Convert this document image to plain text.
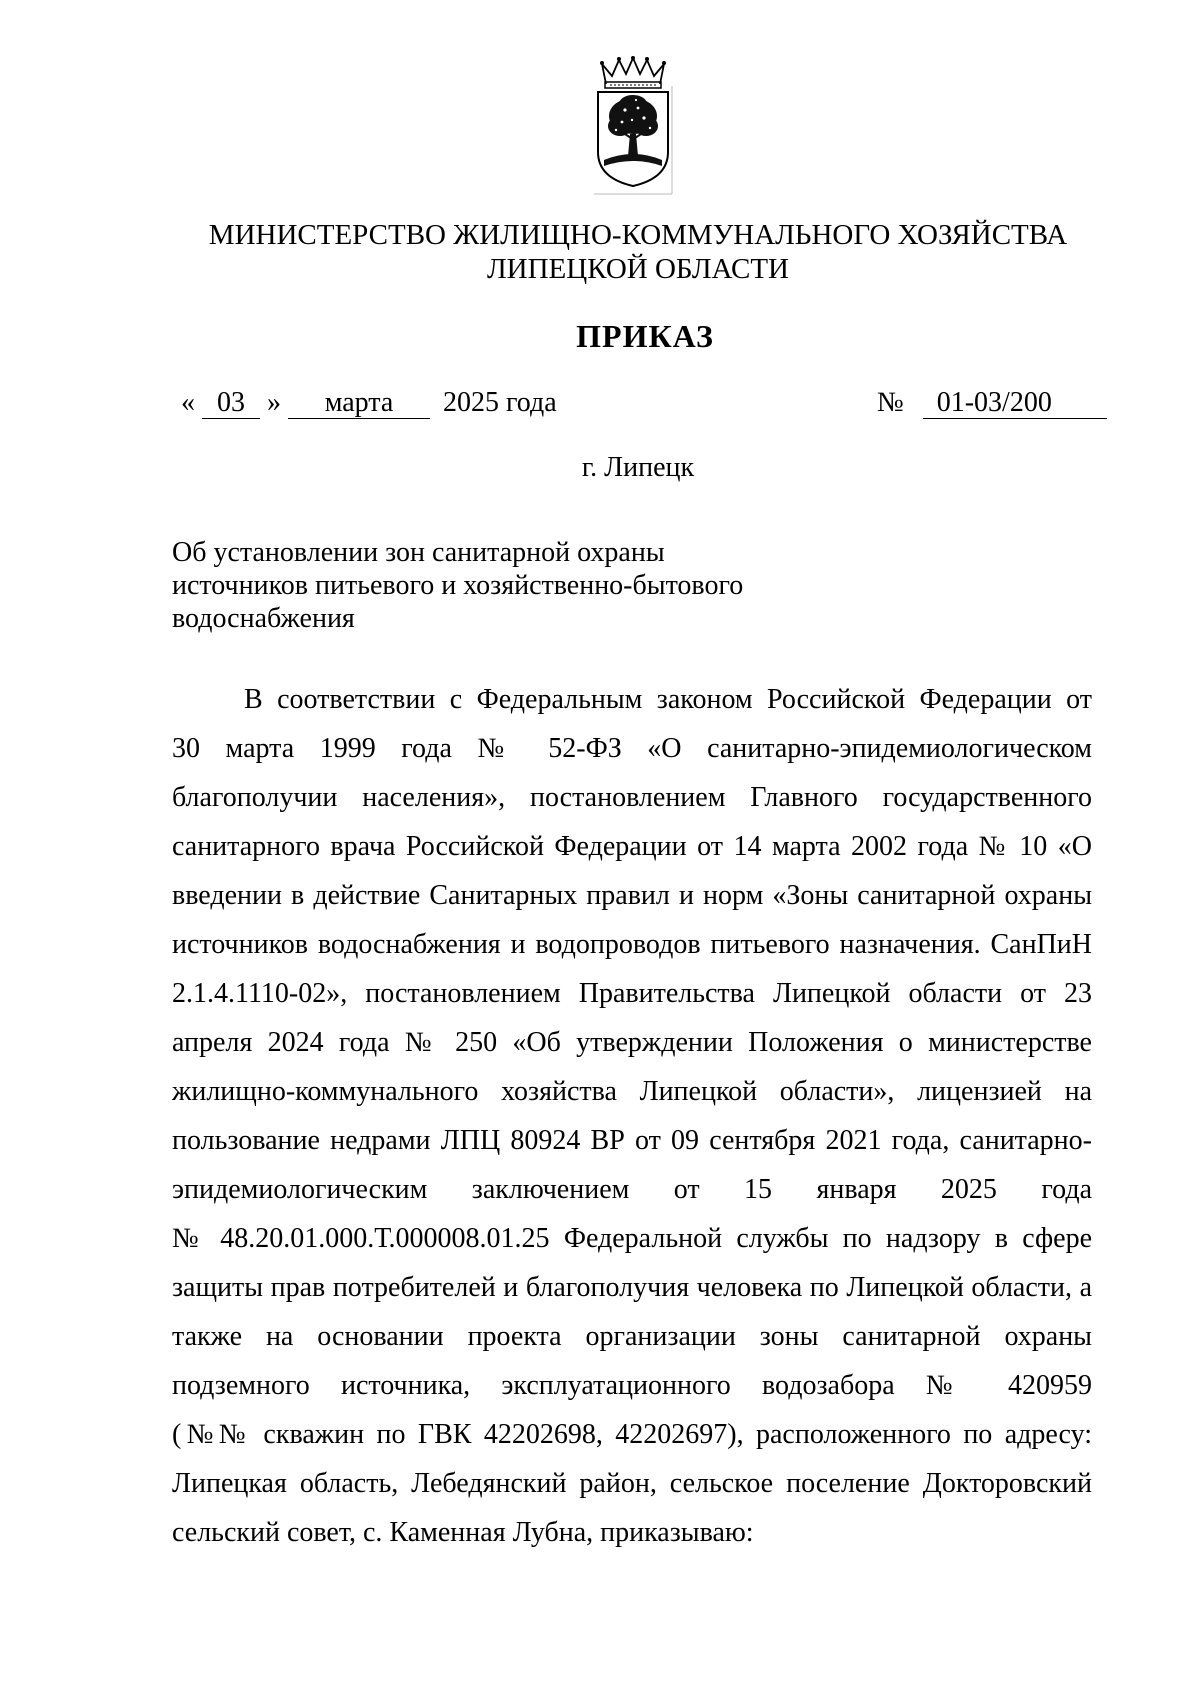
МИНИСТЕРСТВО ЖИЛИЩНО-КОММУНАЛЬНОГО ХОЗЯЙСТВА
ЛИПЕЦКОЙ ОБЛАСТИ
ПРИКАЗ
« 03 » марта 2025 года	№ 01-03/200
г. Липецк
Об установлении зон санитарной охраны
источников питьевого и хозяйственно-бытового
водоснабжения
В соответствии с Федеральным законом Российской Федерации от
30 марта 1999 года № 52-ФЗ «О санитарно-эпидемиологическом
благополучии населения», постановлением Главного государственного
санитарного врача Российской Федерации от 14 марта 2002 года № 10 «О
введении в действие Санитарных правил и норм «Зоны санитарной охраны
источников водоснабжения и водопроводов питьевого назначения. СанПиН
2.1.4.1110-02», постановлением Правительства Липецкой области от 23
апреля 2024 года № 250 «Об утверждении Положения о министерстве
жилищно-коммунального хозяйства Липецкой области», лицензией на
пользование недрами ЛПЦ 80924 ВР от 09 сентября 2021 года, санитарно-
эпидемиологическим заключением от 15 января 2025 года
№ 48.20.01.000.Т.000008.01.25 Федеральной службы по надзору в сфере
защиты прав потребителей и благополучия человека по Липецкой области, а
также на основании проекта организации зоны санитарной охраны
подземного источника, эксплуатационного водозабора № 420959
(№№ скважин по ГВК 42202698, 42202697), расположенного по адресу:
Липецкая область, Лебедянский район, сельское поселение Докторовский
сельский совет, с. Каменная Лубна, приказываю:
